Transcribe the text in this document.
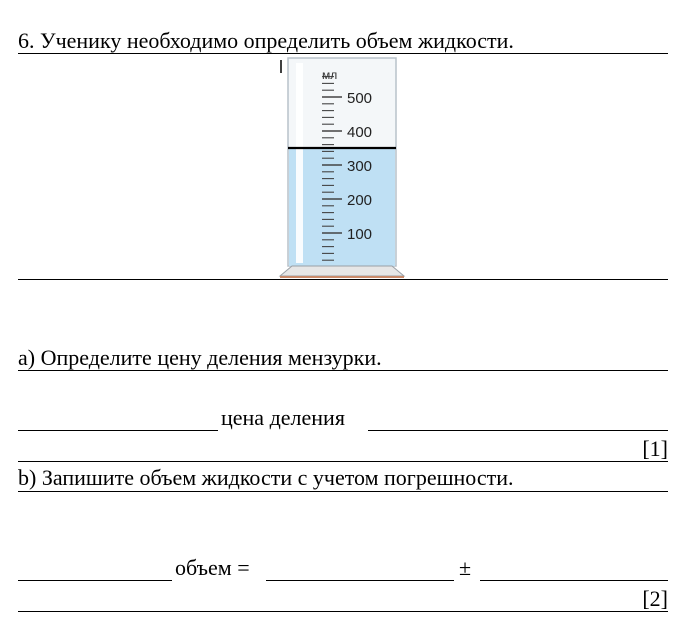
6. Ученику необходимо определить объем жидкости.
мл
500
400
300
200
100
a) Определите цену деления мензурки.
цена деления
[1]
b) Запишите объем жидкости с учетом погрешности.
объем =	±
[2]
